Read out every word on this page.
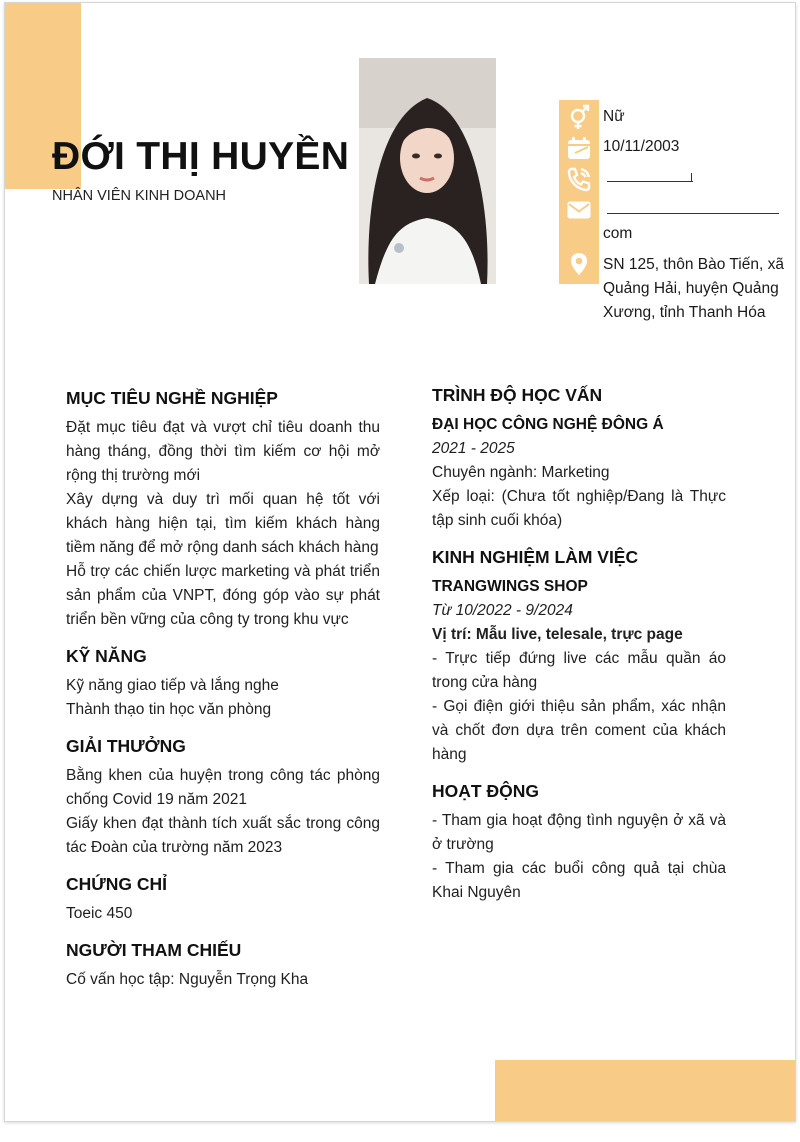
ĐỚI THỊ HUYỀN
NHÂN VIÊN KINH DOANH
Nữ
10/11/2003
com
SN 125, thôn Bào Tiến, xã
Quảng Hải, huyện Quảng
Xương, tỉnh Thanh Hóa
MỤC TIÊU NGHỀ NGHIỆP

Đặt mục tiêu đạt và vượt chỉ tiêu doanh thu hàng tháng, đồng thời tìm kiếm cơ hội mở rộng thị trường mới

Xây dựng và duy trì mối quan hệ tốt với khách hàng hiện tại, tìm kiếm khách hàng tiềm năng để mở rộng danh sách khách hàng

Hỗ trợ các chiến lược marketing và phát triển sản phẩm của VNPT, đóng góp vào sự phát triển bền vững của công ty trong khu vực

KỸ NĂNG

Kỹ năng giao tiếp và lắng nghe

Thành thạo tin học văn phòng

GIẢI THƯỞNG

Bằng khen của huyện trong công tác phòng chống Covid 19 năm 2021

Giấy khen đạt thành tích xuất sắc trong công tác Đoàn của trường năm 2023

CHỨNG CHỈ

Toeic 450

NGƯỜI THAM CHIẾU

Cố vấn học tập: Nguyễn Trọng Kha

TRÌNH ĐỘ HỌC VẤN

ĐẠI HỌC CÔNG NGHỆ ĐÔNG Á

2021 - 2025

Chuyên ngành: Marketing

Xếp loại: (Chưa tốt nghiệp/Đang là Thực tập sinh cuối khóa)

KINH NGHIỆM LÀM VIỆC

TRANGWINGS SHOP

Từ 10/2022 - 9/2024

Vị trí: Mẫu live, telesale, trực page

- Trực tiếp đứng live các mẫu quần áo trong cửa hàng

- Gọi điện giới thiệu sản phẩm, xác nhận và chốt đơn dựa trên coment của khách hàng

HOẠT ĐỘNG

- Tham gia hoạt động tình nguyện ở xã và ở trường

- Tham gia các buổi công quả tại chùa Khai Nguyên
